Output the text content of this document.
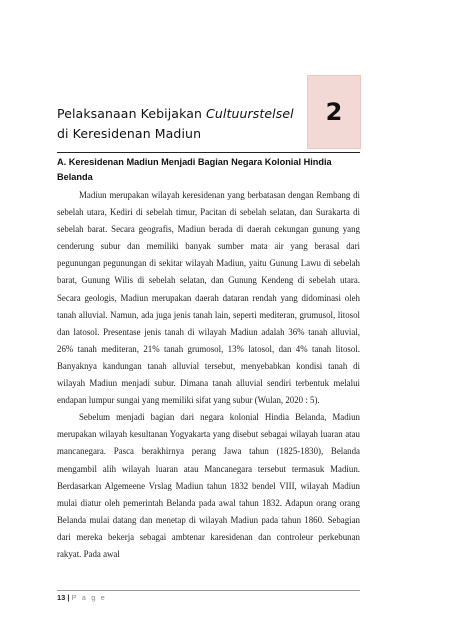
Pelaksanaan Kebijakan Cultuurstelsel di Keresidenan Madiun
2
A. Keresidenan Madiun Menjadi Bagian Negara Kolonial Hindia Belanda

Madiun merupakan wilayah keresidenan yang berbatasan dengan Rembang di sebelah utara, Kediri di sebelah timur, Pacitan di sebelah selatan, dan Surakarta di sebelah barat. Secara geografis, Madiun berada di daerah cekungan gunung yang cenderung subur dan memiliki banyak sumber mata air yang berasal dari pegunungan pegunungan di sekitar wilayah Madiun, yaitu Gunung Lawu di sebelah barat, Gunung Wilis di sebelah selatan, dan Gunung Kendeng di sebelah utara. Secara geologis, Madiun merupakan daerah dataran rendah yang didominasi oleh tanah alluvial. Namun, ada juga jenis tanah lain, seperti mediteran, grumusol, litosol dan latosol. Presentase jenis tanah di wilayah Madiun adalah 36% tanah alluvial, 26% tanah mediteran, 21% tanah grumosol, 13% latosol, dan 4% tanah litosol. Banyaknya kandungan tanah alluvial tersebut, menyebabkan kondisi tanah di wilayah Madiun menjadi subur. Dimana tanah alluvial sendiri terbentuk melalui endapan lumpur sungai yang memiliki sifat yang subur (Wulan, 2020 : 5).

Sebelum menjadi bagian dari negara kolonial Hindia Belanda, Madiun merupakan wilayah kesultanan Yogyakarta yang disebut sebagai wilayah luaran atau mancanegara. Pasca berakhirnya perang Jawa tahun (1825-1830), Belanda mengambil alih wilayah luaran atau Mancanegara tersebut termasuk Madiun. Berdasarkan Algemeene Vrslag Madiun tahun 1832 bendel VIII, wilayah Madiun mulai diatur oleh pemerintah Belanda pada awal tahun 1832. Adapun orang orang Belanda mulai datang dan menetap di wilayah Madiun pada tahun 1860. Sebagian dari mereka bekerja sebagai ambtenar karesidenan dan controleur perkebunan rakyat. Pada awal

13 | P a g e
